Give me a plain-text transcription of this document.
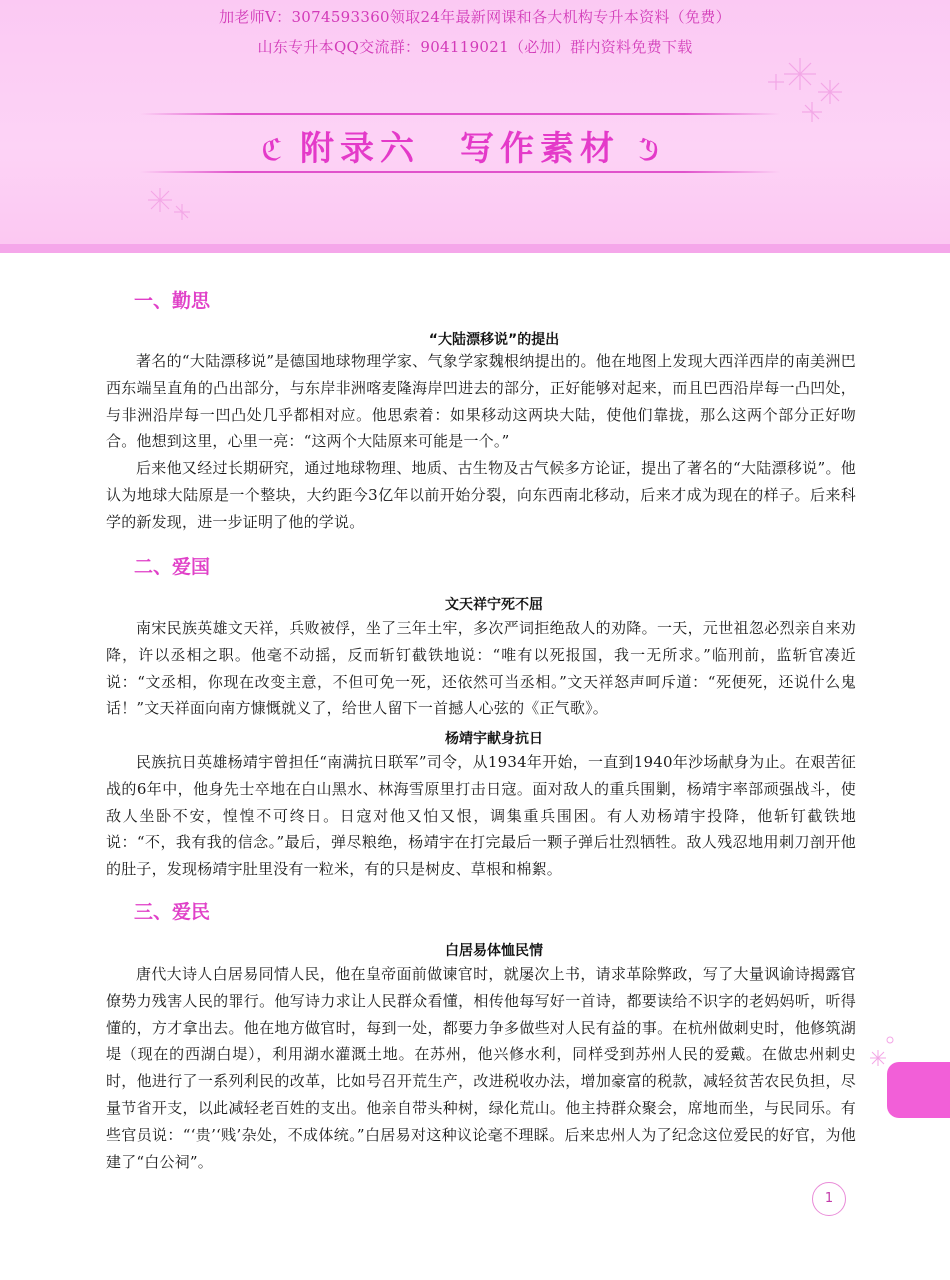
加老师V：3074593360领取24年最新网课和各大机构专升本资料（免费）
山东专升本QQ交流群：904119021（必加）群内资料免费下载
ℭ 附录六　写作素材 ℭ
一、勤思
“大陆漂移说”的提出

著名的“大陆漂移说”是德国地球物理学家、气象学家魏根纳提出的。他在地图上发现大西洋西岸的南美洲巴西东端呈直角的凸出部分，与东岸非洲喀麦隆海岸凹进去的部分，正好能够对起来，而且巴西沿岸每一凸凹处，与非洲沿岸每一凹凸处几乎都相对应。他思索着：如果移动这两块大陆，使他们靠拢，那么这两个部分正好吻合。他想到这里，心里一亮：“这两个大陆原来可能是一个。”

后来他又经过长期研究，通过地球物理、地质、古生物及古气候多方论证，提出了著名的“大陆漂移说”。他认为地球大陆原是一个整块，大约距今3亿年以前开始分裂，向东西南北移动，后来才成为现在的样子。后来科学的新发现，进一步证明了他的学说。

二、爱国
文天祥宁死不屈

南宋民族英雄文天祥，兵败被俘，坐了三年土牢，多次严词拒绝敌人的劝降。一天，元世祖忽必烈亲自来劝降，许以丞相之职。他毫不动摇，反而斩钉截铁地说：“唯有以死报国，我一无所求。”临刑前，监斩官凑近说：“文丞相，你现在改变主意，不但可免一死，还依然可当丞相。”文天祥怒声呵斥道：“死便死，还说什么鬼话！”文天祥面向南方慷慨就义了，给世人留下一首撼人心弦的《正气歌》。

杨靖宇献身抗日

民族抗日英雄杨靖宇曾担任“南满抗日联军”司令，从1934年开始，一直到1940年沙场献身为止。在艰苦征战的6年中，他身先士卒地在白山黑水、林海雪原里打击日寇。面对敌人的重兵围剿，杨靖宇率部顽强战斗，使敌人坐卧不安，惶惶不可终日。日寇对他又怕又恨，调集重兵围困。有人劝杨靖宇投降，他斩钉截铁地说：“不，我有我的信念。”最后，弹尽粮绝，杨靖宇在打完最后一颗子弹后壮烈牺牲。敌人残忍地用刺刀剖开他的肚子，发现杨靖宇肚里没有一粒米，有的只是树皮、草根和棉絮。

三、爱民
白居易体恤民情

唐代大诗人白居易同情人民，他在皇帝面前做谏官时，就屡次上书，请求革除弊政，写了大量讽谕诗揭露官僚势力残害人民的罪行。他写诗力求让人民群众看懂，相传他每写好一首诗，都要读给不识字的老妈妈听，听得懂的，方才拿出去。他在地方做官时，每到一处，都要力争多做些对人民有益的事。在杭州做刺史时，他修筑湖堤（现在的西湖白堤），利用湖水灌溉土地。在苏州，他兴修水利，同样受到苏州人民的爱戴。在做忠州刺史时，他进行了一系列利民的改革，比如号召开荒生产，改进税收办法，增加豪富的税款，减轻贫苦农民负担，尽量节省开支，以此减轻老百姓的支出。他亲自带头种树，绿化荒山。他主持群众聚会，席地而坐，与民同乐。有些官员说：“‘贵’‘贱’杂处，不成体统。”白居易对这种议论毫不理睬。后来忠州人为了纪念这位爱民的好官，为他建了“白公祠”。

1
